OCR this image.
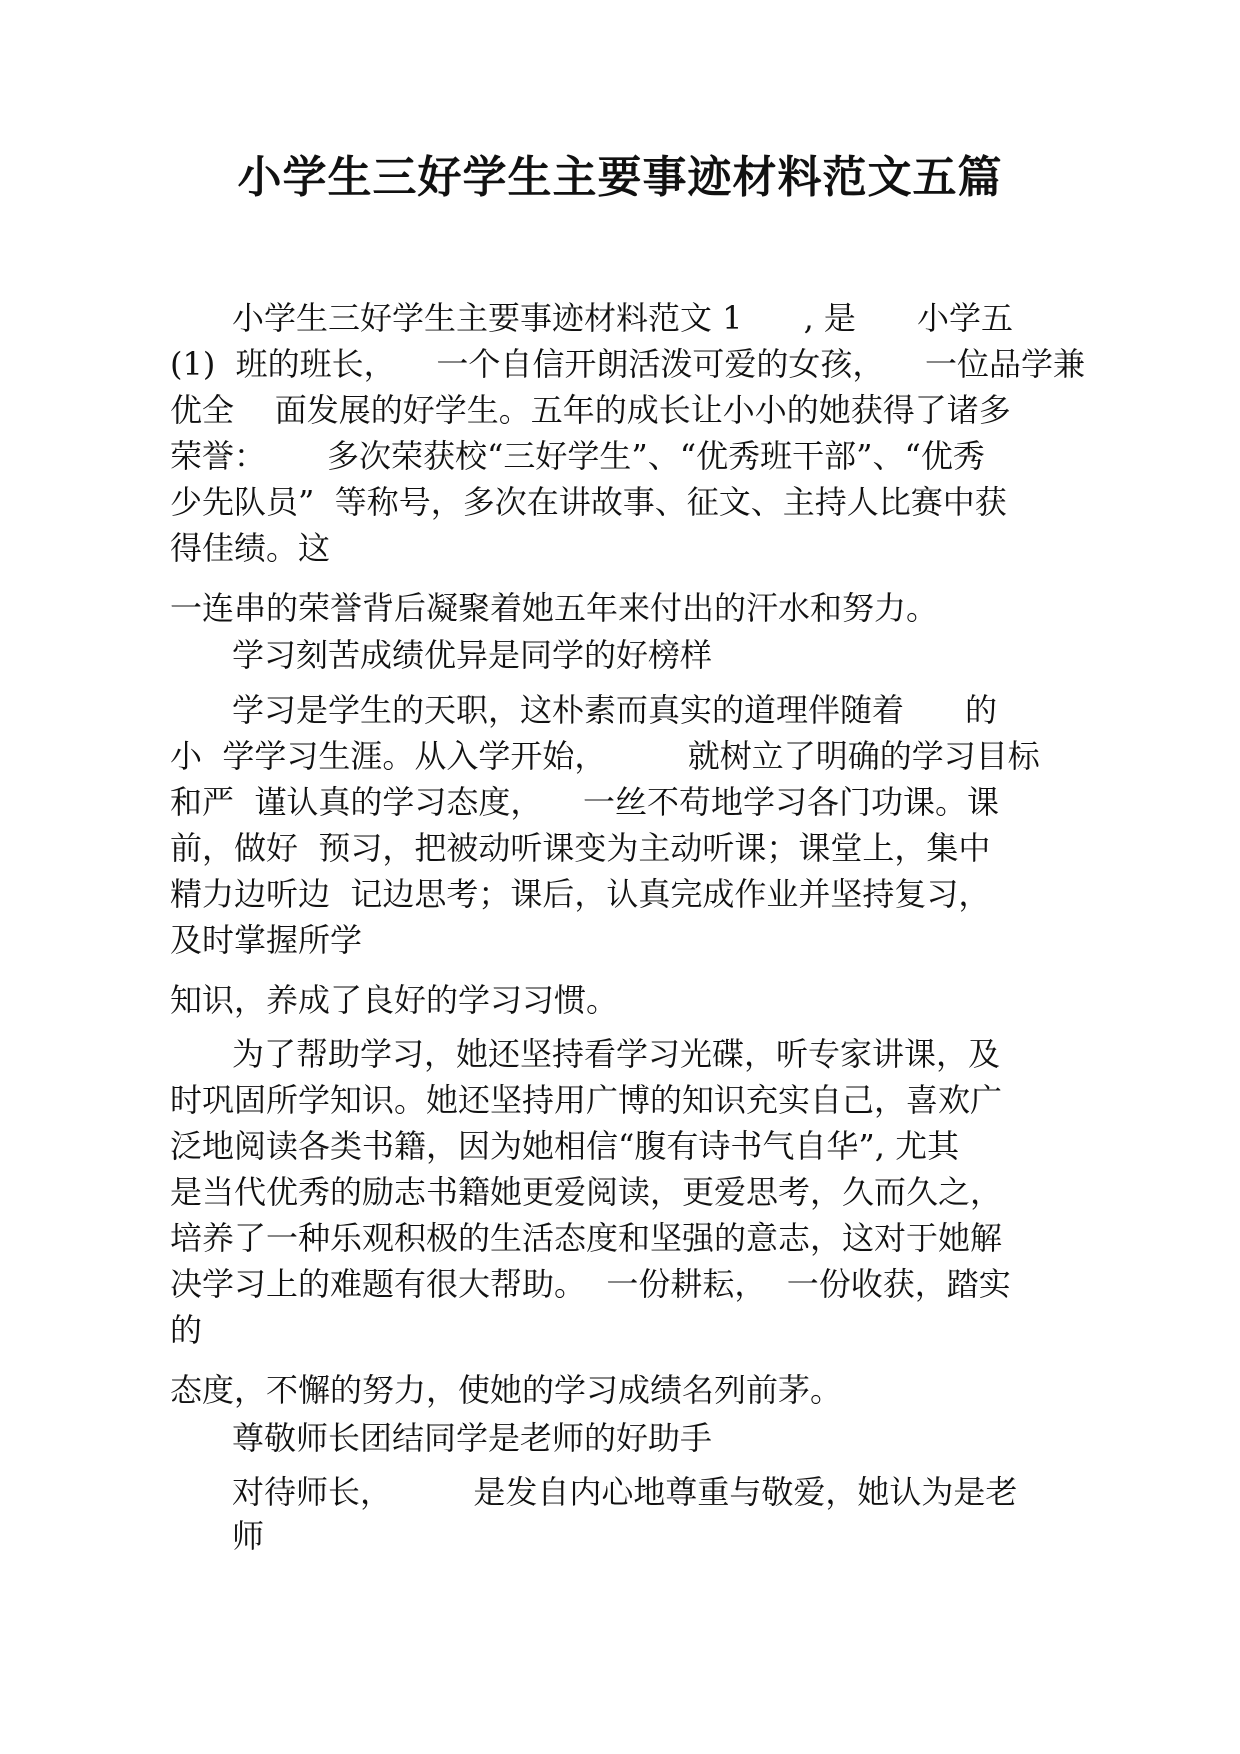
小学生三好学生主要事迹材料范文五篇
小学生三好学生主要事迹材料范文 1      , 是      小学五
(1)  班的班长，    一个自信开朗活泼可爱的女孩，    一位品学兼
优全    面发展的好学生。五年的成长让小小的她获得了诸多
荣誉：      多次荣获校“三好学生”、“优秀班干部”、“优秀
少先队员”  等称号，多次在讲故事、征文、主持人比赛中获
得佳绩。这
一连串的荣誉背后凝聚着她五年来付出的汗水和努力。
学习刻苦成绩优异是同学的好榜样
学习是学生的天职，这朴素而真实的道理伴随着      的
小  学学习生涯。从入学开始，        就树立了明确的学习目标
和严  谨认真的学习态度，    一丝不苟地学习各门功课。课
前，做好  预习，把被动听课变为主动听课；课堂上，集中
精力边听边  记边思考；课后，认真完成作业并坚持复习，
及时掌握所学
知识，养成了良好的学习习惯。
为了帮助学习，她还坚持看学习光碟，听专家讲课，及
时巩固所学知识。她还坚持用广博的知识充实自己，喜欢广
泛地阅读各类书籍，因为她相信“腹有诗书气自华”, 尤其
是当代优秀的励志书籍她更爱阅读，更爱思考，久而久之，
培养了一种乐观积极的生活态度和坚强的意志，这对于她解
决学习上的难题有很大帮助。  一份耕耘，  一份收获，踏实
的
态度，不懈的努力，使她的学习成绩名列前茅。
尊敬师长团结同学是老师的好助手
对待师长，        是发自内心地尊重与敬爱，她认为是老
师
